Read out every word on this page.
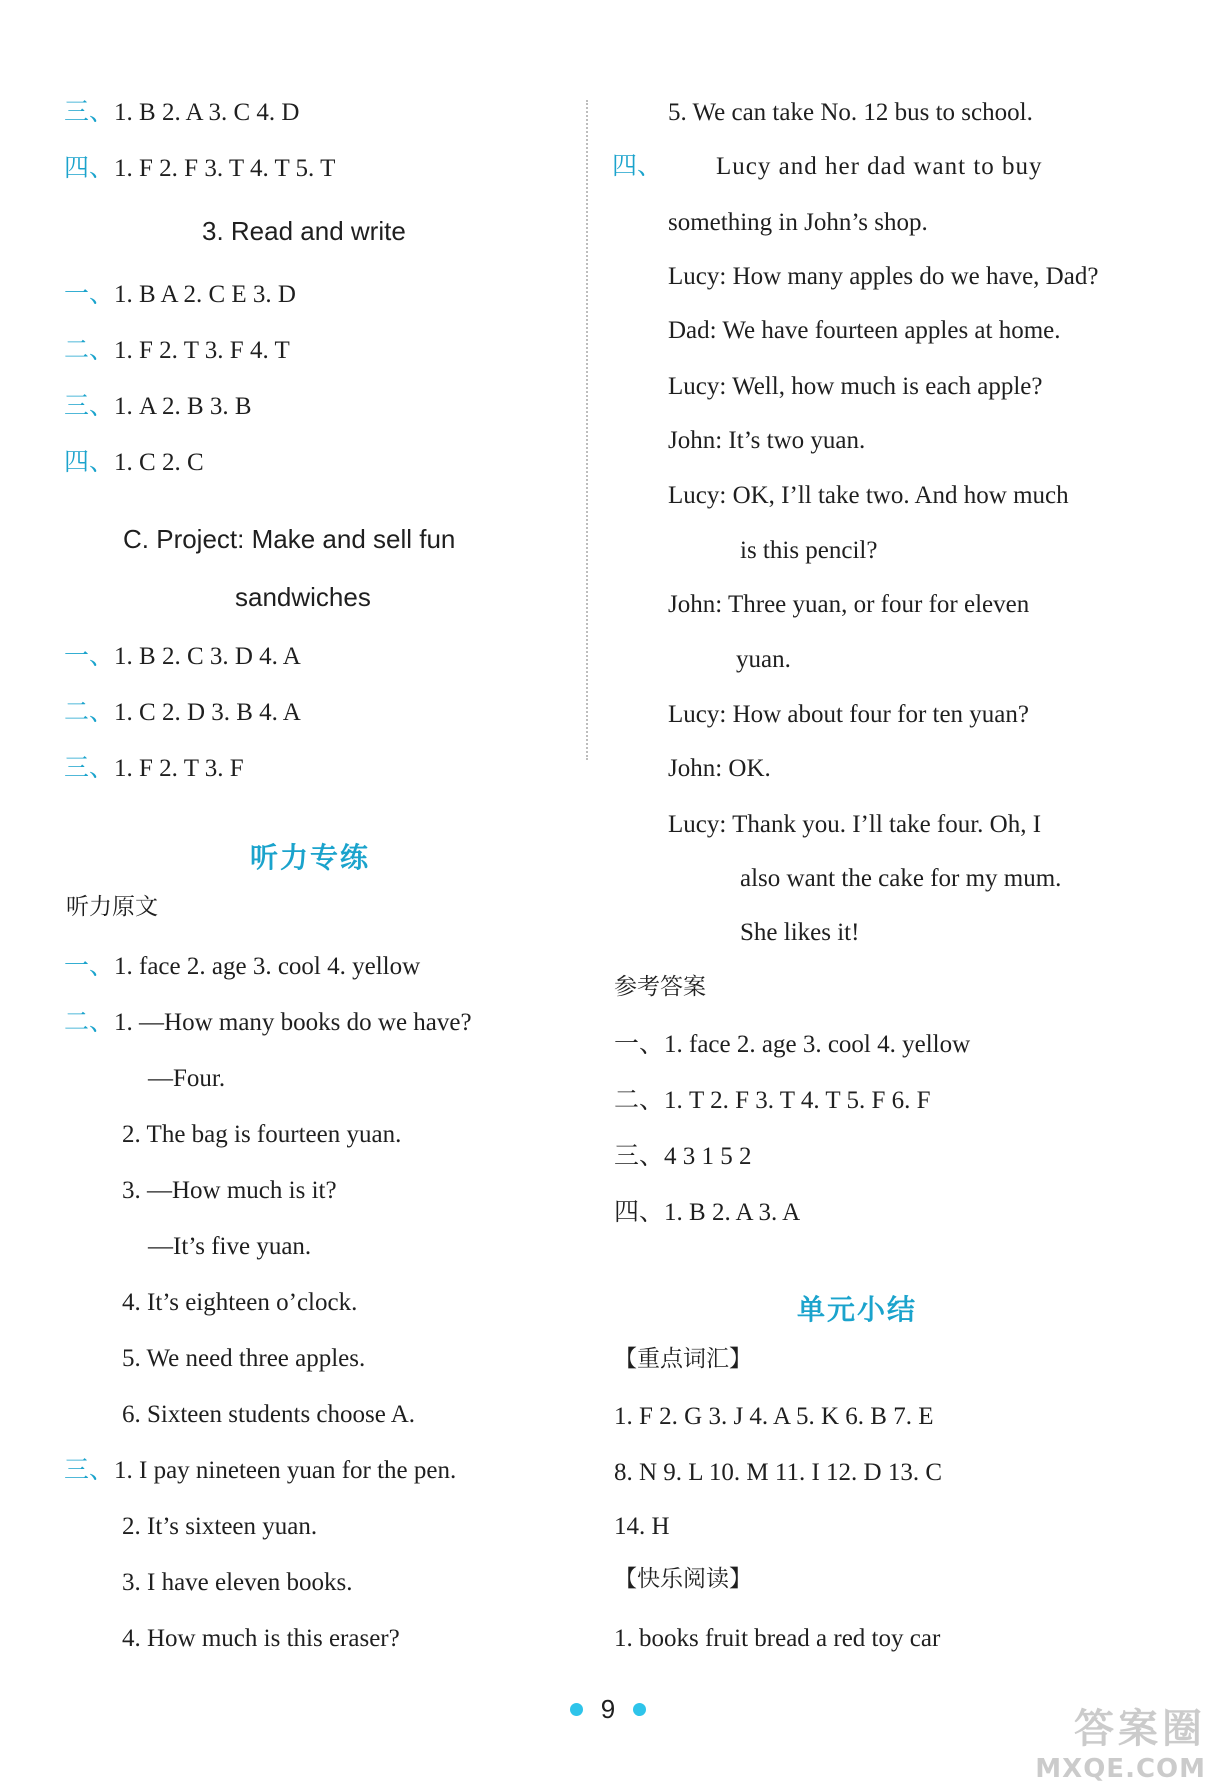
三、1. B 2. A 3. C 4. D
四、1. F 2. F 3. T 4. T 5. T
3. Read and write
一、1. B A 2. C E 3. D
二、1. F 2. T 3. F 4. T
三、1. A 2. B 3. B
四、1. C 2. C
C. Project: Make and sell fun
sandwiches
一、1. B 2. C 3. D 4. A
二、1. C 2. D 3. B 4. A
三、1. F 2. T 3. F
听力专练
听力原文
一、1. face 2. age 3. cool 4. yellow
二、1. —How many books do we have?
—Four.
2. The bag is fourteen yuan.
3. —How much is it?
—It’s five yuan.
4. It’s eighteen o’clock.
5. We need three apples.
6. Sixteen students choose A.
三、1. I pay nineteen yuan for the pen.
2. It’s sixteen yuan.
3. I have eleven books.
4. How much is this eraser?
5. We can take No. 12 bus to school.
四、 Lucy and her dad want to buy
something in John’s shop.
Lucy: How many apples do we have, Dad?
Dad: We have fourteen apples at home.
Lucy: Well, how much is each apple?
John: It’s two yuan.
Lucy: OK, I’ll take two. And how much
is this pencil?
John: Three yuan, or four for eleven
yuan.
Lucy: How about four for ten yuan?
John: OK.
Lucy: Thank you. I’ll take four. Oh, I
also want the cake for my mum.
She likes it!
参考答案
一、1. face 2. age 3. cool 4. yellow
二、1. T 2. F 3. T 4. T 5. F 6. F
三、4 3 1 5 2
四、1. B 2. A 3. A
单元小结
【重点词汇】
1. F 2. G 3. J 4. A 5. K 6. B 7. E
8. N 9. L 10. M 11. I 12. D 13. C
14. H
【快乐阅读】
1. books fruit bread a red toy car
9	答案圈
MXQE.COM
